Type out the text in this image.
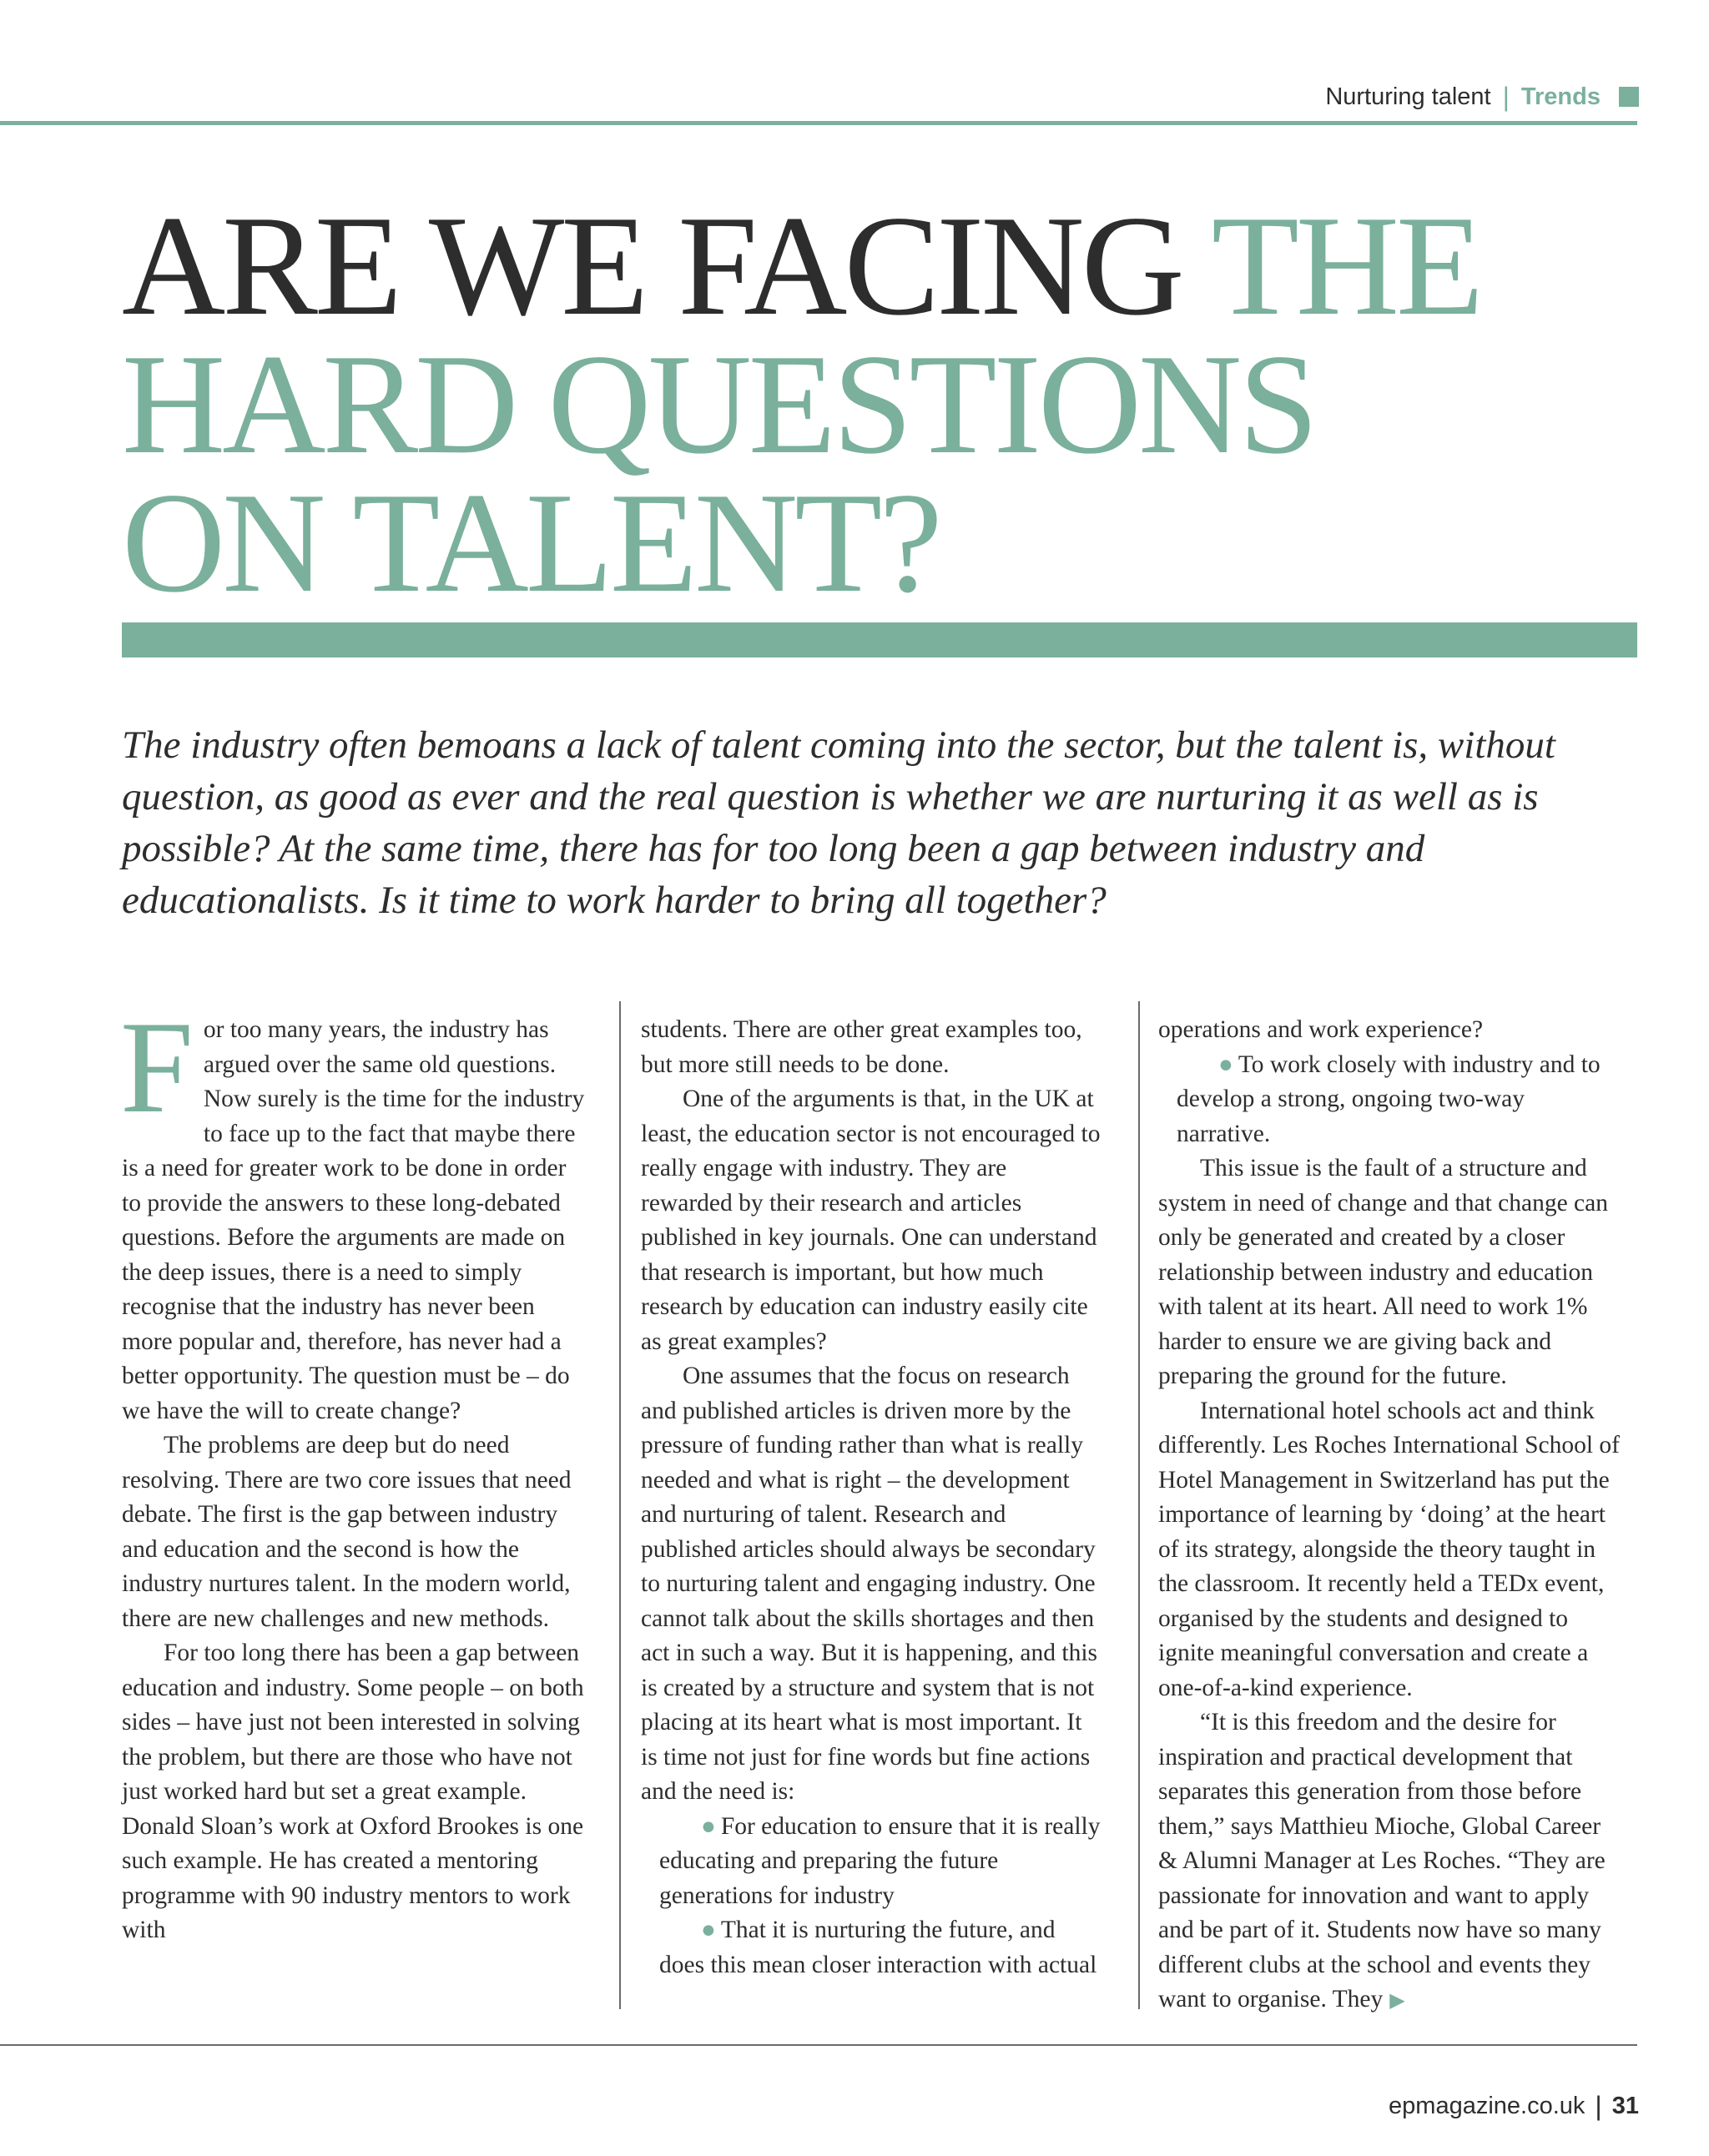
Nurturing talent | Trends
ARE WE FACING THE
HARD QUESTIONS
ON TALENT?

The industry often bemoans a lack of talent coming into the sector, but the talent is, without question, as good as ever and the real question is whether we are nurturing it as well as is possible? At the same time, there has for too long been a gap between industry and educationalists. Is it time to work harder to bring all together?

For too many years, the industry has argued over the same old questions. Now surely is the time for the industry to face up to the fact that maybe there is a need for greater work to be done in order to provide the answers to these long-debated questions. Before the arguments are made on the deep issues, there is a need to simply recognise that the industry has never been more popular and, therefore, has never had a better opportunity. The question must be – do we have the will to create change?

The problems are deep but do need resolving. There are two core issues that need debate. The first is the gap between industry and education and the second is how the industry nurtures talent. In the modern world, there are new challenges and new methods.

For too long there has been a gap between education and industry. Some people – on both sides – have just not been interested in solving the problem, but there are those who have not just worked hard but set a great example. Donald Sloan’s work at Oxford Brookes is one such example. He has created a mentoring programme with 90 industry mentors to work with

students. There are other great examples too, but more still needs to be done.

One of the arguments is that, in the UK at least, the education sector is not encouraged to really engage with industry. They are rewarded by their research and articles published in key journals. One can understand that research is important, but how much research by education can industry easily cite as great examples?

One assumes that the focus on research and published articles is driven more by the pressure of funding rather than what is really needed and what is right – the development and nurturing of talent. Research and published articles should always be secondary to nurturing talent and engaging industry. One cannot talk about the skills shortages and then act in such a way. But it is happening, and this is created by a structure and system that is not placing at its heart what is most important. It is time not just for fine words but fine actions and the need is:

● For education to ensure that it is really educating and preparing the future generations for industry

● That it is nurturing the future, and does this mean closer interaction with actual

operations and work experience?

● To work closely with industry and to develop a strong, ongoing two-way narrative.

This issue is the fault of a structure and system in need of change and that change can only be generated and created by a closer relationship between industry and education with talent at its heart. All need to work 1% harder to ensure we are giving back and preparing the ground for the future.

International hotel schools act and think differently. Les Roches International School of Hotel Management in Switzerland has put the importance of learning by ‘doing’ at the heart of its strategy, alongside the theory taught in the classroom. It recently held a TEDx event, organised by the students and designed to ignite meaningful conversation and create a one-of-a-kind experience.

“It is this freedom and the desire for inspiration and practical development that separates this generation from those before them,” says Matthieu Mioche, Global Career & Alumni Manager at Les Roches. “They are passionate for innovation and want to apply and be part of it. Students now have so many different clubs at the school and events they want to organise. They ▶

epmagazine.co.uk | 31
